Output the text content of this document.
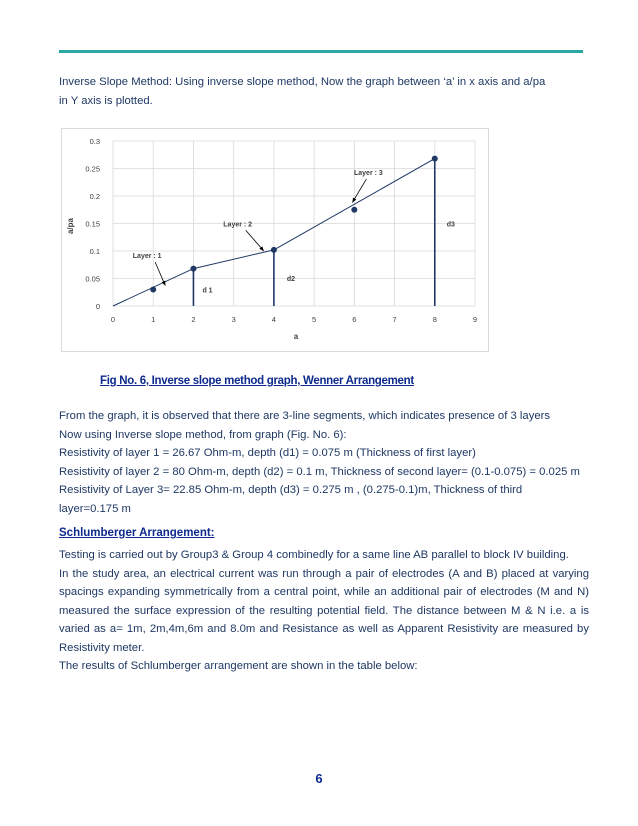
Inverse Slope Method: Using inverse slope method, Now the graph between ‘a’ in x axis and a/pa
in Y axis is plotted.
0
0.05
0.1
0.15
0.2
0.25
0.3
0	1	2	3	4	5	6	7	8	9
d 1
d2
d3
Layer : 1
Layer : 2
Layer : 3
a
a/pa
Fig No. 6, Inverse slope method graph, Wenner Arrangement

From the graph, it is observed that there are 3-line segments, which indicates presence of 3 layers

Now using Inverse slope method, from graph (Fig. No. 6):

Resistivity of layer 1 = 26.67 Ohm-m, depth (d1) = 0.075 m (Thickness of first layer)

Resistivity of layer 2 = 80 Ohm-m, depth (d2) = 0.1 m, Thickness of second layer= (0.1-0.075) = 0.025 m

Resistivity of Layer 3= 22.85 Ohm-m, depth (d3) = 0.275 m , (0.275-0.1)m, Thickness of third

layer=0.175 m

Schlumberger Arrangement:

Testing is carried out by Group3 & Group 4 combinedly for a same line AB parallel to block IV building.

In the study area, an electrical current was run through a pair of electrodes (A and B) placed at varying spacings expanding symmetrically from a central point, while an additional pair of electrodes (M and N) measured the surface expression of the resulting potential field. The distance between M & N i.e. a is varied as a= 1m, 2m,4m,6m and 8.0m and Resistance as well as Apparent Resistivity are measured by Resistivity meter.

The results of Schlumberger arrangement are shown in the table below:

6
